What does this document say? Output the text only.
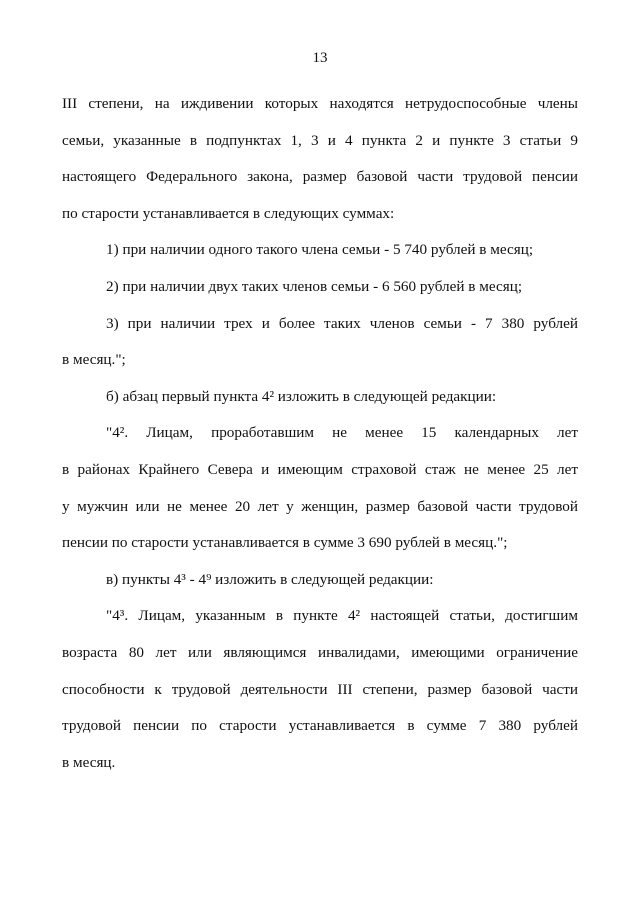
13
III степени, на иждивении которых находятся нетрудоспособные члены
семьи, указанные в подпунктах 1, 3 и 4 пункта 2 и пункте 3 статьи 9
настоящего Федерального закона, размер базовой части трудовой пенсии
по старости устанавливается в следующих суммах:
1) при наличии одного такого члена семьи - 5 740 рублей в месяц;
2) при наличии двух таких членов семьи - 6 560 рублей в месяц;
3) при наличии трех и более таких членов семьи - 7 380 рублей
в месяц.";
б) абзац первый пункта 4² изложить в следующей редакции:
"4². Лицам, проработавшим не менее 15 календарных лет
в районах Крайнего Севера и имеющим страховой стаж не менее 25 лет
у мужчин или не менее 20 лет у женщин, размер базовой части трудовой
пенсии по старости устанавливается в сумме 3 690 рублей в месяц.";
в) пункты 4³ - 4⁹ изложить в следующей редакции:
"4³. Лицам, указанным в пункте 4² настоящей статьи, достигшим
возраста 80 лет или являющимся инвалидами, имеющими ограничение
способности к трудовой деятельности III степени, размер базовой части
трудовой пенсии по старости устанавливается в сумме 7 380 рублей
в месяц.
